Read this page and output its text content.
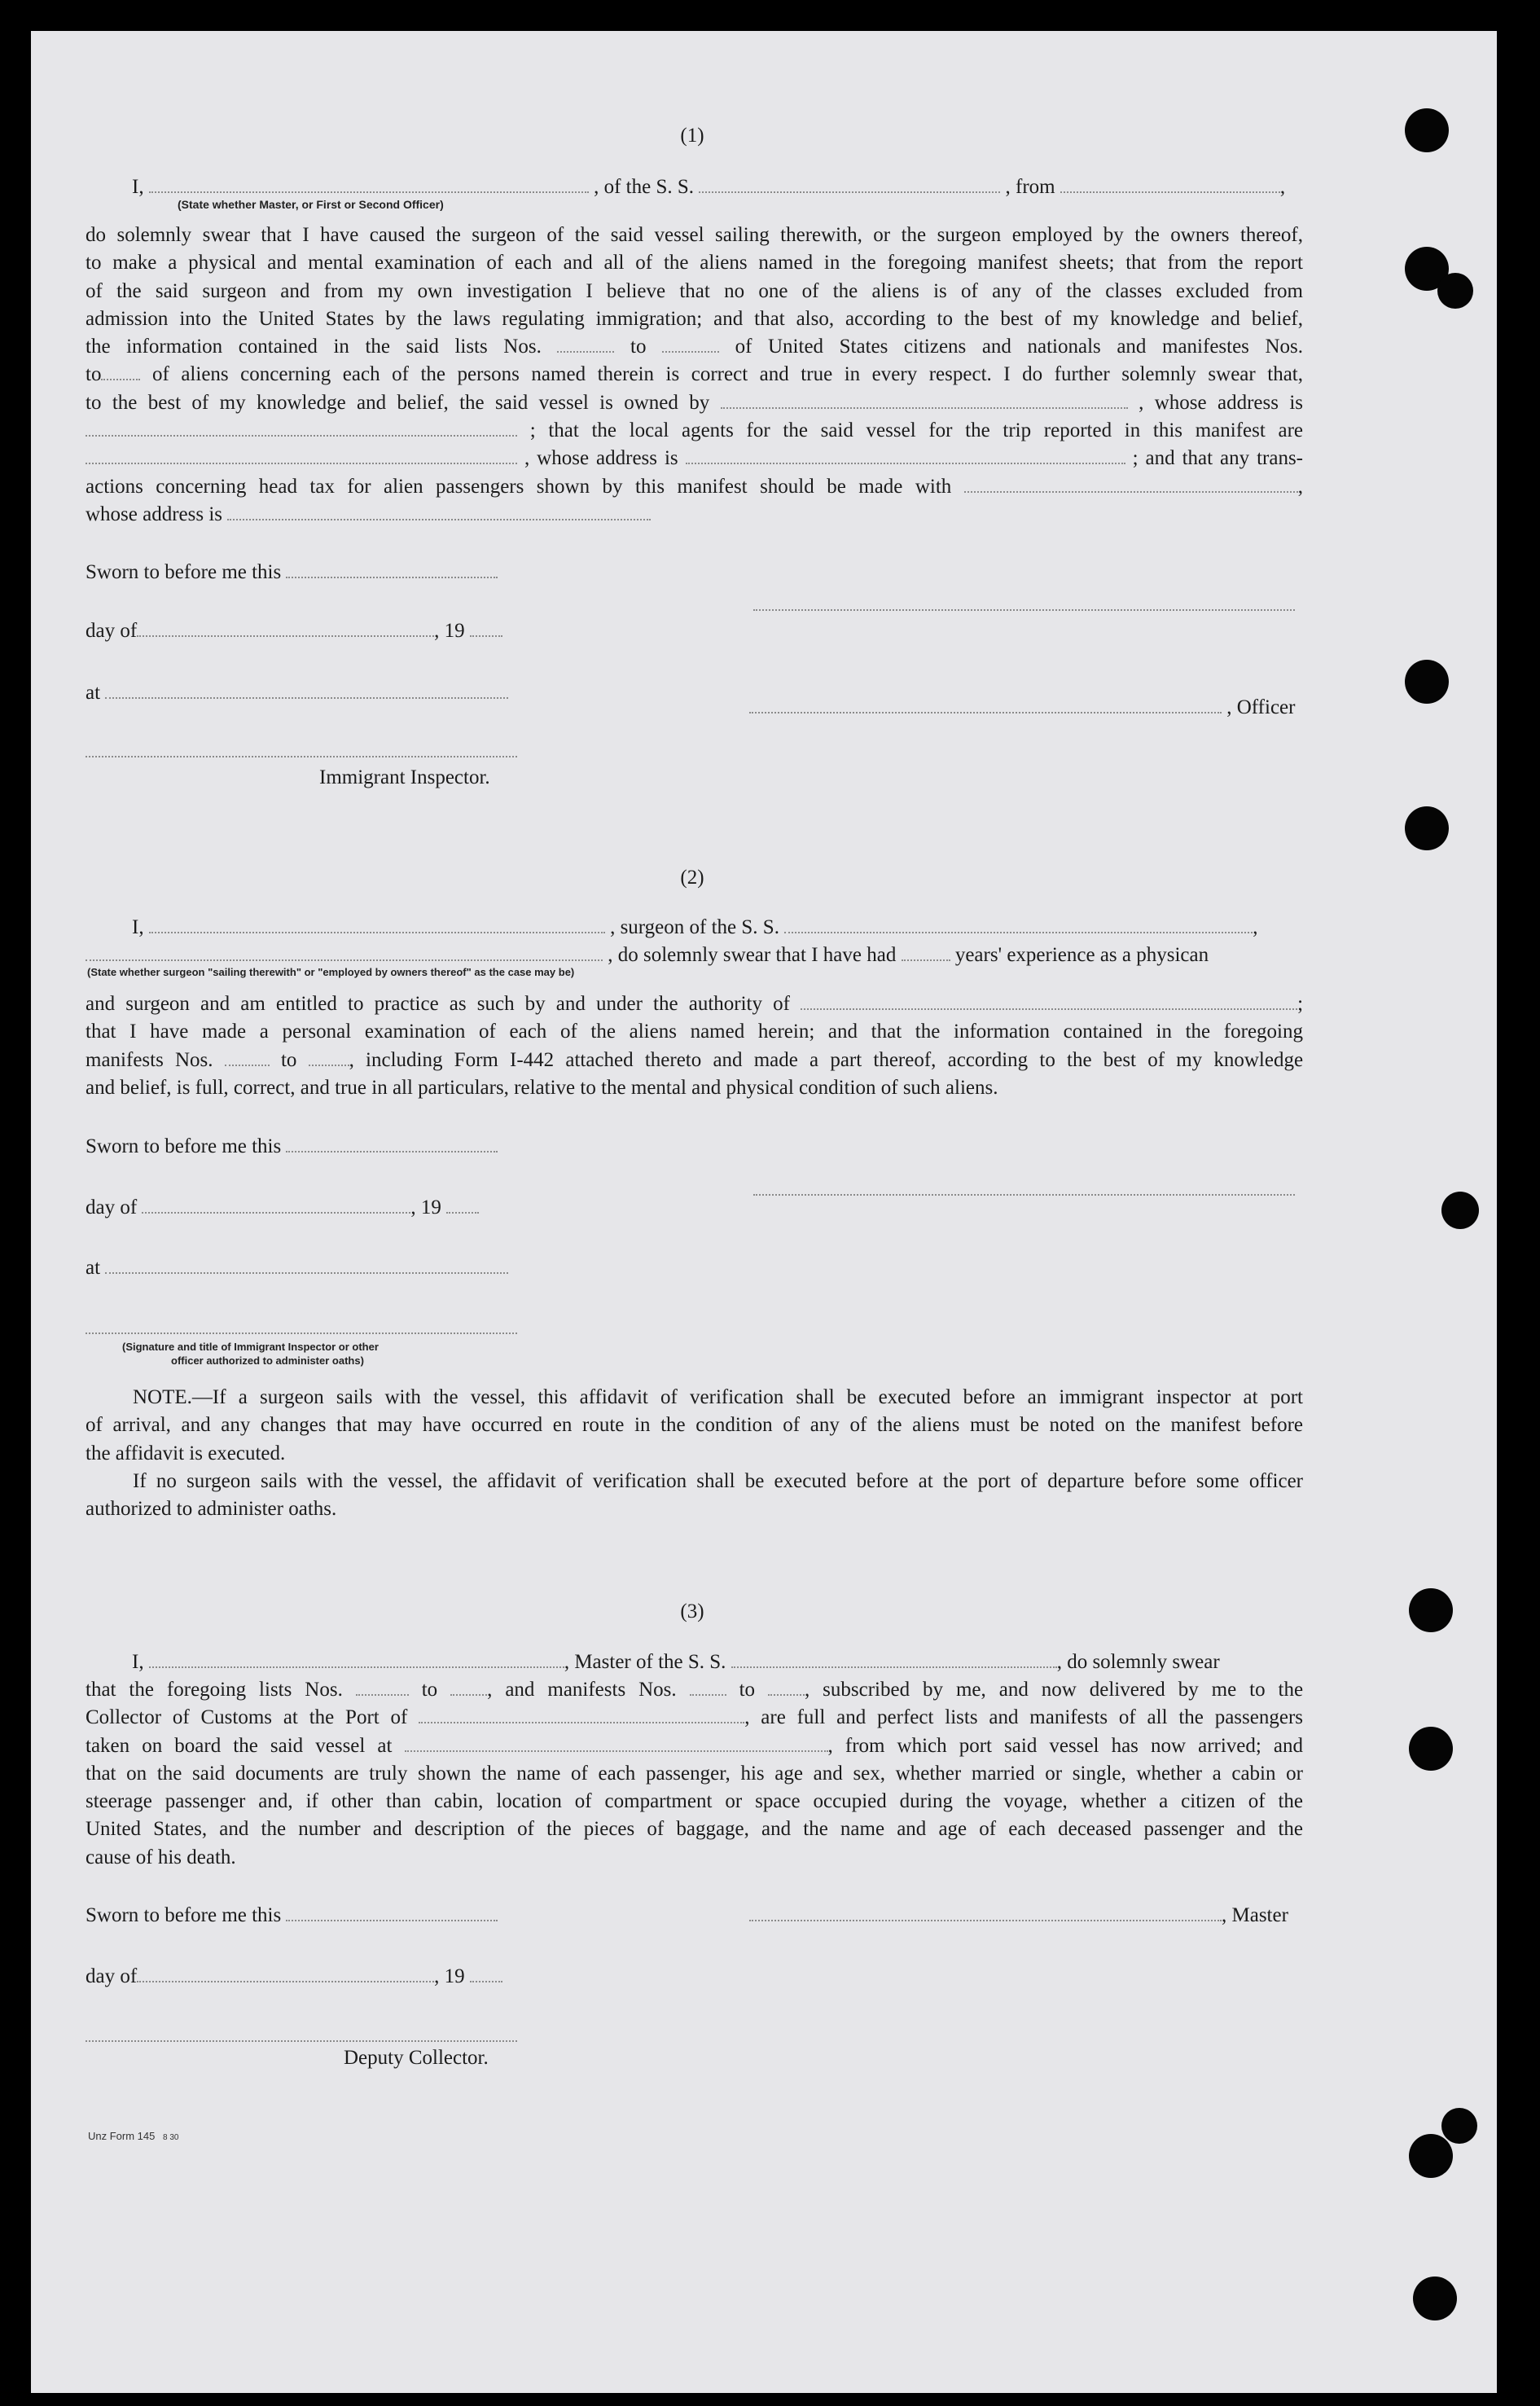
(1)
I,	, of the S. S.	, from	,
(State whether Master, or First or Second Officer)
do solemnly swear that I have caused the surgeon of the said vessel sailing therewith, or the surgeon employed by the owners thereof,
to make a physical and mental examination of each and all of the aliens named in the foregoing manifest sheets; that from the report
of the said surgeon and from my own investigation I believe that no one of the aliens is of any of the classes excluded from
admission into the United States by the laws regulating immigration; and that also, according to the best of my knowledge and belief,
the information contained in the said lists Nos.	to	of United States citizens and nationals and manifestes Nos.
to	of aliens concerning each of the persons named therein is correct and true in every respect. I do further solemnly swear that,
to the best of my knowledge and belief, the said vessel is owned by	, whose address is
; that the local agents for the said vessel for the trip reported in this manifest are
, whose address is	; and that any trans-
actions concerning head tax for alien passengers shown by this manifest should be made with	,
whose address is
Sworn to before me this
day of	, 19
at
, Officer
Immigrant Inspector.
(2)
I,	, surgeon of the S. S.	,
, do solemnly swear that I have had	years' experience as a physican
(State whether surgeon "sailing therewith" or "employed by owners thereof" as the case may be)
and surgeon and am entitled to practice as such by and under the authority of	;
that I have made a personal examination of each of the aliens named herein; and that the information contained in the foregoing
manifests Nos.	to	, including Form I-442 attached thereto and made a part thereof, according to the best of my knowledge
and belief, is full, correct, and true in all particulars, relative to the mental and physical condition of such aliens.
Sworn to before me this
day of	, 19
at
(Signature and title of Immigrant Inspector or other
officer authorized to administer oaths)
NOTE.—If a surgeon sails with the vessel, this affidavit of verification shall be executed before an immigrant inspector at port
of arrival, and any changes that may have occurred en route in the condition of any of the aliens must be noted on the manifest before
the affidavit is executed.
If no surgeon sails with the vessel, the affidavit of verification shall be executed before at the port of departure before some officer
authorized to administer oaths.
(3)
I,	, Master of the S. S.	, do solemnly swear
that the foregoing lists Nos.	to , and manifests Nos.	to , subscribed by me, and now delivered by me to the
Collector of Customs at the Port of	, are full and perfect lists and manifests of all the passengers
taken on board the said vessel at	, from which port said vessel has now arrived; and
that on the said documents are truly shown the name of each passenger, his age and sex, whether married or single, whether a cabin or
steerage passenger and, if other than cabin, location of compartment or space occupied during the voyage, whether a citizen of the
United States, and the number and description of the pieces of baggage, and the name and age of each deceased passenger and the
cause of his death.
Sworn to before me this	, Master
day of	, 19
Deputy Collector.
Unz Form 145 8 30
